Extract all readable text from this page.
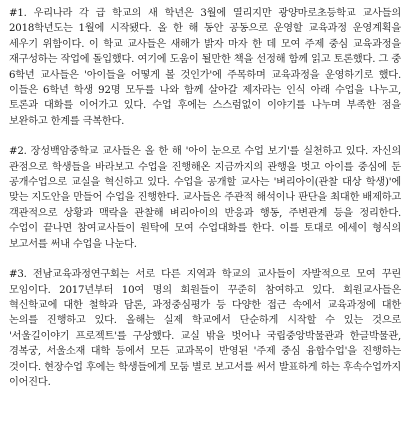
#1. 우리나라 각 급 학교의 새 학년은 3월에 열리지만 광양마로초등학교 교사들의 2018학년도는 1월에 시작됐다. 올 한 해 동안 공동으로 운영할 교육과정 운영계획을 세우기 위함이다. 이 학교 교사들은 새해가 밝자 마자 한 데 모여 주제 중심 교육과정을 재구성하는 작업에 돌입했다. 여기에 도움이 될만한 책을 선정해 함께 읽고 토론했다. 그 중 6학년 교사들은 '아이들을 어떻게 볼 것인가'에 주목하며 교육과정을 운영하기로 했다. 이들은 6학년 학생 92명 모두를 나와 함께 살아갈 제자라는 인식 아래 수업을 나누고, 토론과 대화를 이어가고 있다. 수업 후에는 스스럼없이 이야기를 나누며 부족한 점을 보완하고 한계를 극복한다.

#2. 장성백암중학교 교사들은 올 한 해 '아이 눈으로 수업 보기'를 실천하고 있다. 자신의 관점으로 학생들을 바라보고 수업을 진행해온 지금까지의 관행을 벗고 아이를 중심에 둔 공개수업으로 교실을 혁신하고 있다. 수업을 공개할 교사는 '벼리아이(관찰 대상 학생)'에 맞는 지도안을 만들어 수업을 진행한다. 교사들은 주관적 해석이나 판단을 최대한 배제하고 객관적으로 상황과 맥락을 관찰해 벼리아이의 반응과 행동, 주변관계 등을 정리한다. 수업이 끝나면 참여교사들이 원탁에 모여 수업대화를 한다. 이를 토대로 에세이 형식의 보고서를 써내 수업을 나눈다.

#3. 전남교육과정연구회는 서로 다른 지역과 학교의 교사들이 자발적으로 모여 꾸린 모임이다. 2017년부터 10여 명의 회원들이 꾸준히 참여하고 있다. 회원교사들은 혁신학교에 대한 철학과 담론, 과정중심평가 등 다양한 접근 속에서 교육과정에 대한 논의를 진행하고 있다. 올해는 실제 학교에서 단순하게 시작할 수 있는 것으로 '서울길이야기 프로젝트'를 구상했다. 교실 밖을 벗어나 국립중앙박물관과 한글박물관, 경복궁, 서울소재 대학 등에서 모든 교과목이 반영된 '주제 중심 융합수업'을 진행하는 것이다. 현장수업 후에는 학생들에게 모둠 별로 보고서를 써서 발표하게 하는 후속수업까지 이어진다.
